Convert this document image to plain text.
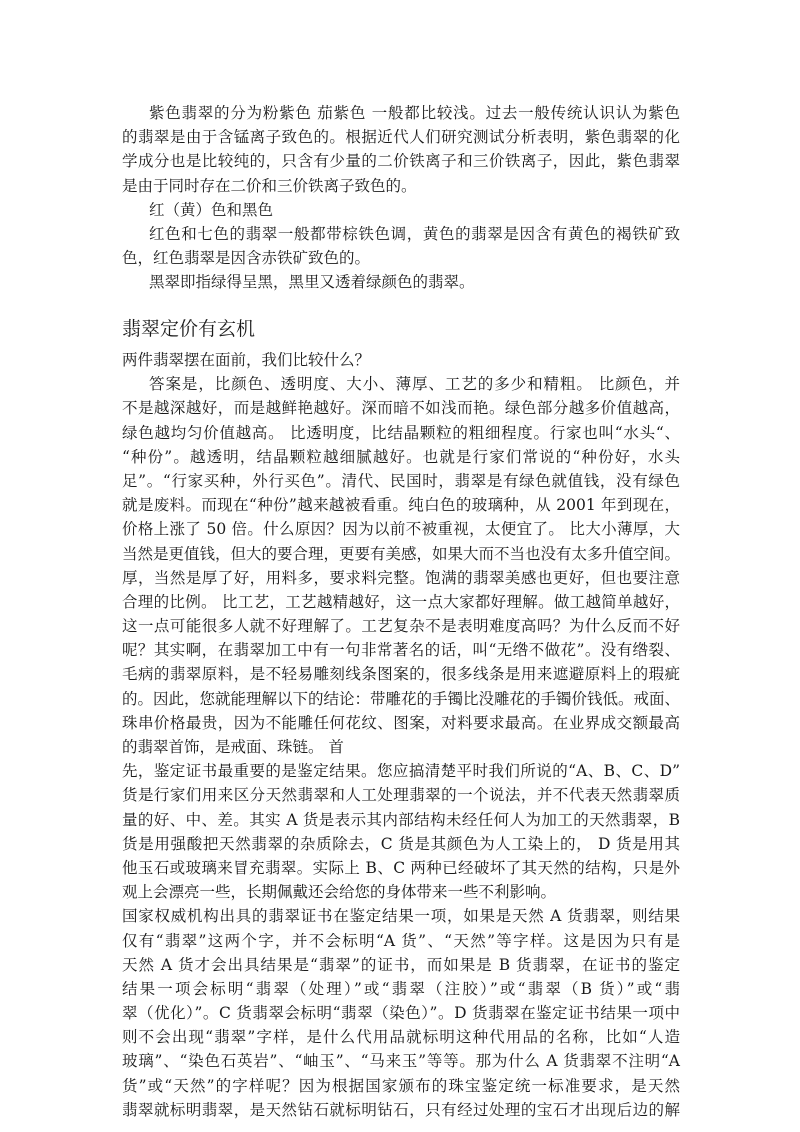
紫色翡翠的分为粉紫色 茄紫色 一般都比较浅。过去一般传统认识认为紫色
的翡翠是由于含锰离子致色的。根据近代人们研究测试分析表明，紫色翡翠的化
学成分也是比较纯的，只含有少量的二价铁离子和三价铁离子，因此，紫色翡翠
是由于同时存在二价和三价铁离子致色的。
红（黄）色和黑色
红色和七色的翡翠一般都带棕铁色调，黄色的翡翠是因含有黄色的褐铁矿致
色，红色翡翠是因含赤铁矿致色的。
黑翠即指绿得呈黑，黑里又透着绿颜色的翡翠。
翡翠定价有玄机
两件翡翠摆在面前，我们比较什么？
答案是，比颜色、透明度、大小、薄厚、工艺的多少和精粗。 比颜色，并
不是越深越好，而是越鲜艳越好。深而暗不如浅而艳。绿色部分越多价值越高，
绿色越均匀价值越高。 比透明度，比结晶颗粒的粗细程度。行家也叫“水头“、
“种份”。越透明，结晶颗粒越细腻越好。也就是行家们常说的“种份好，水头
足”。“行家买种，外行买色”。清代、民国时，翡翠是有绿色就值钱，没有绿色
就是废料。而现在“种份”越来越被看重。纯白色的玻璃种，从 2001 年到现在，
价格上涨了 50 倍。什么原因？因为以前不被重视，太便宜了。 比大小薄厚，大
当然是更值钱，但大的要合理，更要有美感，如果大而不当也没有太多升值空间。
厚，当然是厚了好，用料多，要求料完整。饱满的翡翠美感也更好，但也要注意
合理的比例。 比工艺，工艺越精越好，这一点大家都好理解。做工越简单越好，
这一点可能很多人就不好理解了。工艺复杂不是表明难度高吗？为什么反而不好
呢？其实啊，在翡翠加工中有一句非常著名的话，叫“无绺不做花”。没有绺裂、
毛病的翡翠原料，是不轻易雕刻线条图案的，很多线条是用来遮避原料上的瑕疵
的。因此，您就能理解以下的结论：带雕花的手镯比没雕花的手镯价钱低。戒面、
珠串价格最贵，因为不能雕任何花纹、图案，对料要求最高。在业界成交额最高
的翡翠首饰，是戒面、珠链。 首
先，鉴定证书最重要的是鉴定结果。您应搞清楚平时我们所说的“A、B、C、D”
货是行家们用来区分天然翡翠和人工处理翡翠的一个说法，并不代表天然翡翠质
量的好、中、差。其实 A 货是表示其内部结构未经任何人为加工的天然翡翠，B
货是用强酸把天然翡翠的杂质除去，C 货是其颜色为人工染上的， D 货是用其
他玉石或玻璃来冒充翡翠。实际上 B、C 两种已经破坏了其天然的结构，只是外
观上会漂亮一些，长期佩戴还会给您的身体带来一些不利影响。
国家权威机构出具的翡翠证书在鉴定结果一项，如果是天然 A 货翡翠，则结果
仅有“翡翠”这两个字，并不会标明“A 货”、“天然”等字样。这是因为只有是
天然 A 货才会出具结果是“翡翠”的证书，而如果是 B 货翡翠，在证书的鉴定
结果一项会标明“翡翠（处理）”或“翡翠（注胶）”或“翡翠（B 货）”或“翡
翠（优化）”。C 货翡翠会标明“翡翠（染色）”。D 货翡翠在鉴定证书结果一项中
则不会出现“翡翠”字样，是什么代用品就标明这种代用品的名称，比如“人造
玻璃”、“染色石英岩”、“岫玉”、“马来玉”等等。那为什么 A 货翡翠不注明“A
货”或“天然”的字样呢？因为根据国家颁布的珠宝鉴定统一标准要求，是天然
翡翠就标明翡翠，是天然钻石就标明钻石，只有经过处理的宝石才出现后边的解
